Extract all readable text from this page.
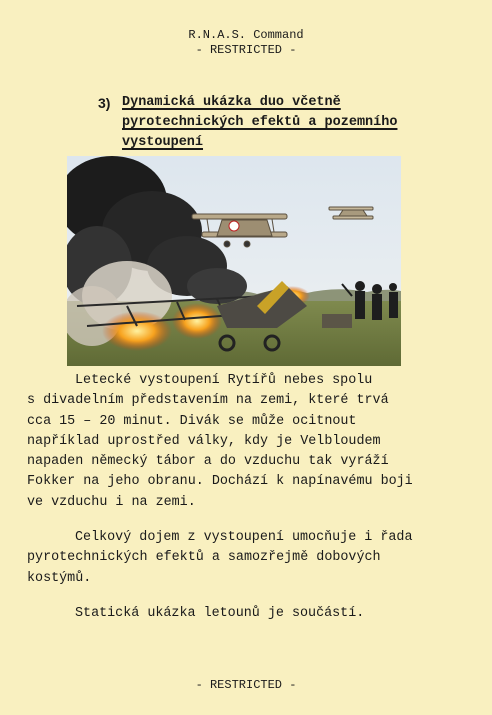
R.N.A.S. Command
- RESTRICTED -
3) Dynamická ukázka duo včetně pyrotechnických efektů a pozemního vystoupení

Letecké vystoupení Rytířů nebes spolu
s divadelním představením na zemi, které trvá
cca 15 – 20 minut. Divák se může ocitnout
například uprostřed války, kdy je Velbloudem
napaden německý tábor a do vzduchu tak vyráží
Fokker na jeho obranu. Dochází k napínavému boji
ve vzduchu i na zemi.

Celkový dojem z vystoupení umocňuje i řada
pyrotechnických efektů a samozřejmě dobových
kostýmů.

Statická ukázka letounů je součástí.

- RESTRICTED -
